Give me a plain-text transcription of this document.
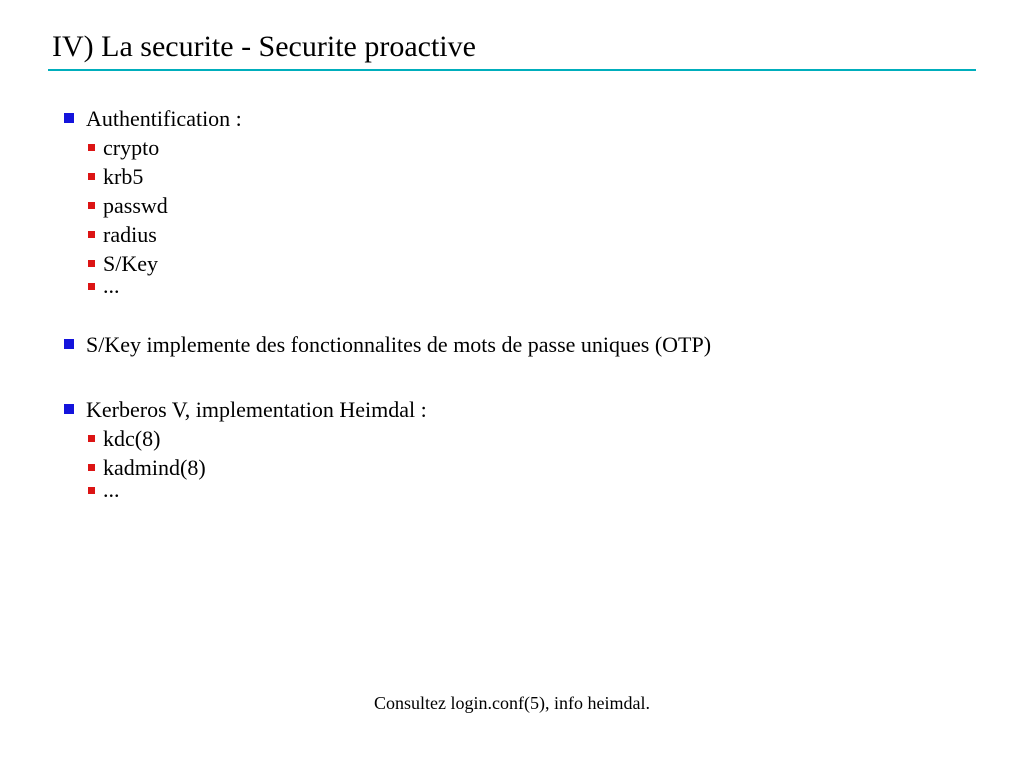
IV) La securite - Securite proactive
Authentification :
crypto
krb5
passwd
radius
S/Key
...
S/Key implemente des fonctionnalites de mots de passe uniques (OTP)
Kerberos V, implementation Heimdal :
kdc(8)
kadmind(8)
...
Consultez login.conf(5), info heimdal.
